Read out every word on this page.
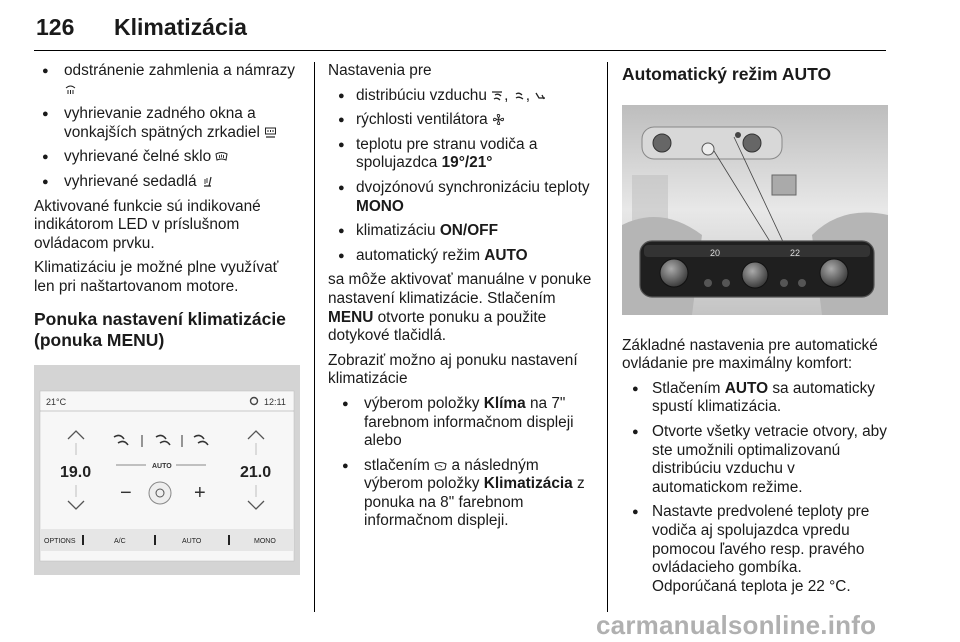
126 Klimatizácia
● odstránenie zahmlenia a námrazy
● vyhrievanie zadného okna a vonkajších spätných zrkadiel
● vyhrievané čelné sklo
● vyhrievané sedadlá

Aktivované funkcie sú indikované indikátorom LED v príslušnom ovládacom prvku.

Klimatizáciu je možné plne využívať len pri naštartovanom motore.

Ponuka nastavení klimatizácie (ponuka MENU)
21°C	12:11
19.0	21.0
AUTO
−	+
OPTIONS	A/C	AUTO	MONO

Nastavenia pre

● distribúciu vzduchu , ,
● rýchlosti ventilátora
● teplotu pre stranu vodiča a spolujazdca 19°/21°
● dvojzónovú synchronizáciu teploty MONO
● klimatizáciu ON/OFF
● automatický režim AUTO

sa môže aktivovať manuálne v ponuke nastavení klimatizácie. Stlačením MENU otvorte ponuku a použite dotykové tlačidlá.

Zobraziť možno aj ponuku nastavení klimatizácie

● výberom položky Klíma na 7" farebnom informačnom displeji alebo
● stlačením a následným výberom položky Klimatizácia z ponuka na 8" farebnom informačnom displeji.
Automatický režim AUTO
20	22

Základné nastavenia pre automatické ovládanie pre maximálny komfort:

● Stlačením AUTO sa automaticky spustí klimatizácia.
● Otvorte všetky vetracie otvory, aby ste umožnili optimalizovanú distribúciu vzduchu v automatickom režime.
● Nastavte predvolené teploty pre vodiča aj spolujazdca vpredu pomocou ľavého resp. pravého ovládacieho gombíka.
Odporúčaná teplota je 22 °C.
carmanualsonline.info
